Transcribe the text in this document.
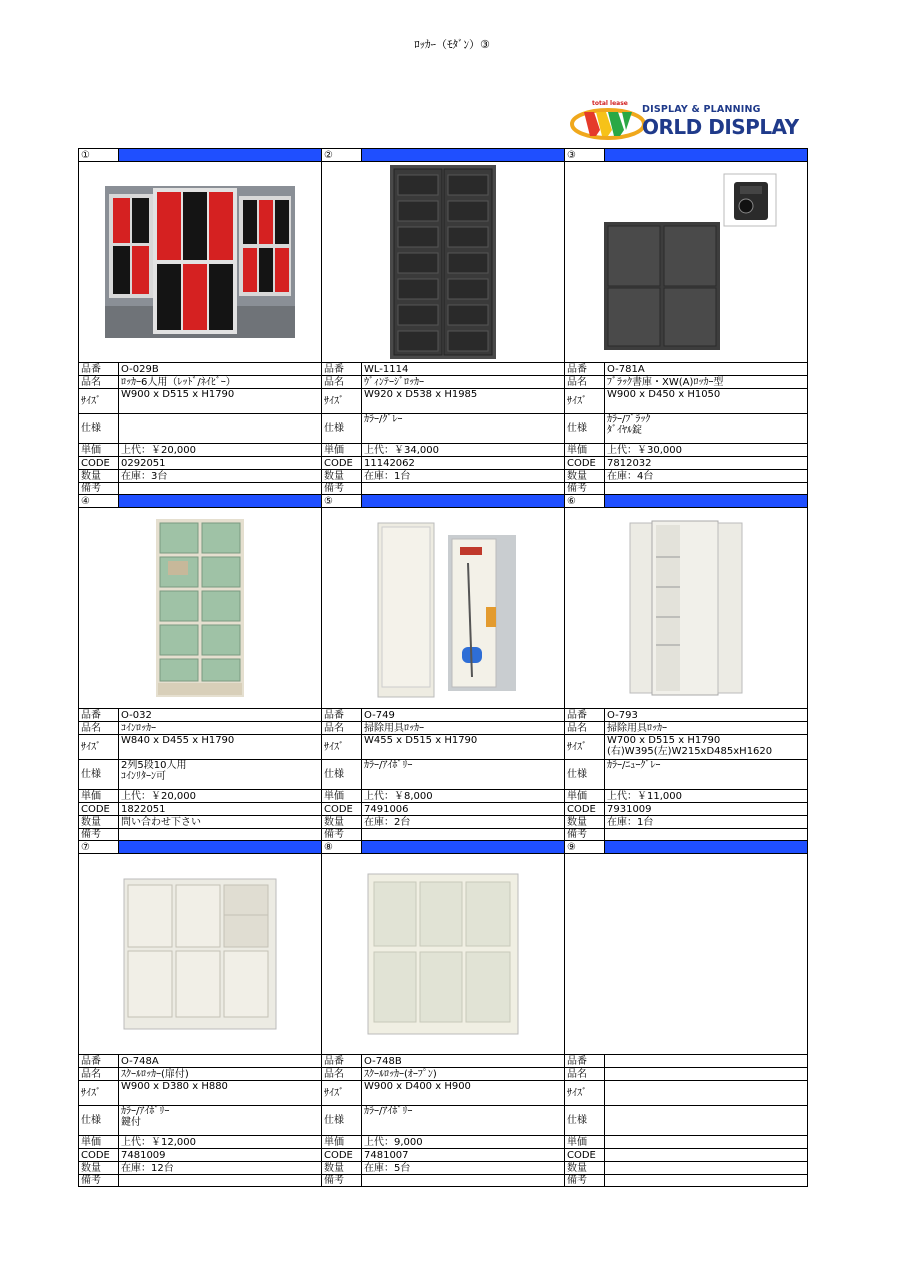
ﾛｯｶｰ（ﾓﾀﾞﾝ）③
total lease
DISPLAY & PLANNING
ORLD DISPLAY
①		②		③	

品番	O-029B	品番	WL-1114	品番	O-781A
品名	ﾛｯｶｰ6人用（ﾚｯﾄﾞ/ﾈｲﾋﾞｰ）	品名	ｳﾞｨﾝﾃｰｼﾞﾛｯｶｰ	品名	ﾌﾞﾗｯｸ書庫・XW(A)ﾛｯｶｰ型
ｻｲｽﾞ	W900 x D515 x H1790	ｻｲｽﾞ	W920 x D538 x H1985	ｻｲｽﾞ	W900 x D450 x H1050
仕様		仕様	ｶﾗｰ/ｸﾞﾚｰ	仕様	ｶﾗｰ/ﾌﾞﾗｯｸ
ﾀﾞｲﾔﾙ錠

単価	上代：￥20,000	単価	上代：￥34,000	単価	上代：￥30,000
CODE	0292051	CODE	11142062	CODE	7812032
数量	在庫：3台	数量	在庫：1台	数量	在庫：4台
備考		備考		備考	
④		⑤		⑥	

品番	O-032	品番	O-749	品番	O-793
品名	ｺｲﾝﾛｯｶｰ	品名	掃除用具ﾛｯｶｰ	品名	掃除用具ﾛｯｶｰ
ｻｲｽﾞ	W840 x D455 x H1790	ｻｲｽﾞ	W455 x D515 x H1790	ｻｲｽﾞ	W700 x D515 x H1790
(右)W395(左)W215xD485xH1620

仕様	2列5段10人用
ｺｲﾝﾘﾀｰﾝ可	仕様	ｶﾗｰ/ｱｲﾎﾞﾘｰ	仕様	ｶﾗｰ/ﾆｭｰｸﾞﾚｰ

単価	上代：￥20,000	単価	上代：￥8,000	単価	上代：￥11,000
CODE	1822051	CODE	7491006	CODE	7931009
数量	問い合わせ下さい	数量	在庫：2台	数量	在庫：1台
備考		備考		備考	
⑦		⑧		⑨	

品番	O-748A	品番	O-748B	品番	
品名	ｽｸｰﾙﾛｯｶｰ(扉付)	品名	ｽｸｰﾙﾛｯｶｰ(ｵｰﾌﾟﾝ)	品名	
ｻｲｽﾞ	W900 x D380 x H880	ｻｲｽﾞ	W900 x D400 x H900	ｻｲｽﾞ	
仕様	ｶﾗｰ/ｱｲﾎﾞﾘｰ
鍵付	仕様	ｶﾗｰ/ｱｲﾎﾞﾘｰ	仕様	

単価	上代：￥12,000	単価	上代：9,000	単価	
CODE	7481009	CODE	7481007	CODE	
数量	在庫：12台	数量	在庫：5台	数量	
備考		備考		備考	
